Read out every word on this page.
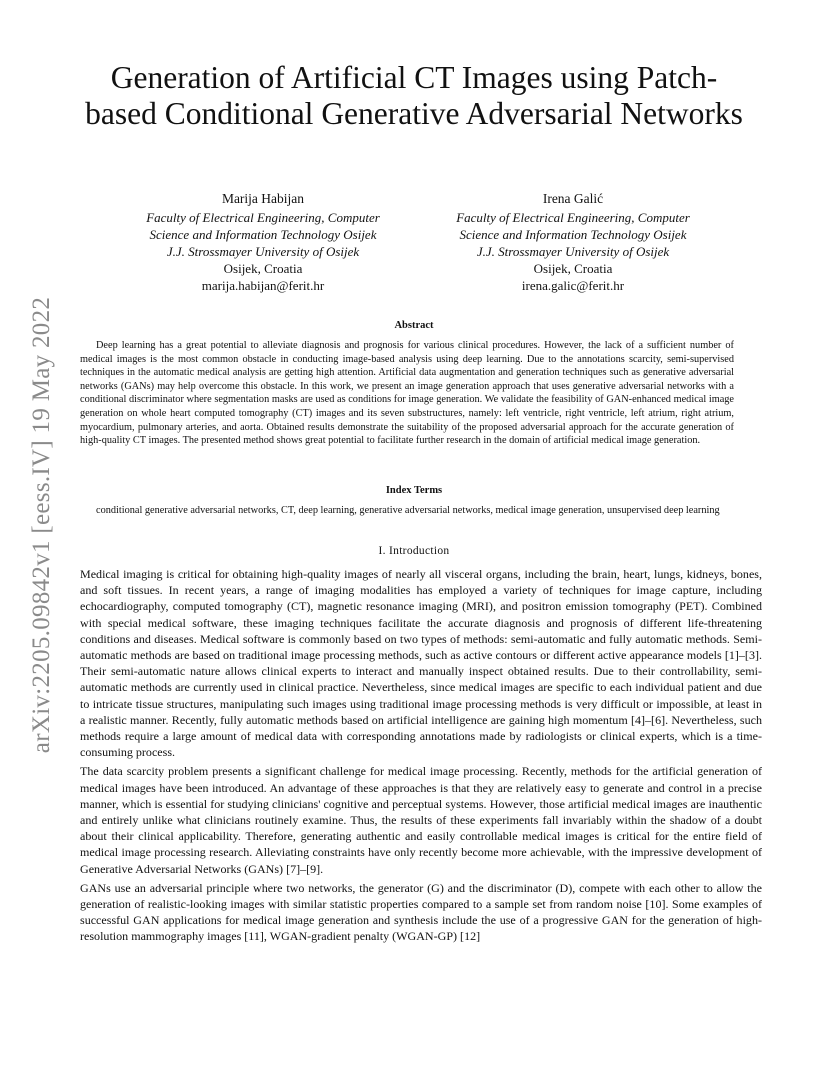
arXiv:2205.09842v1 [eess.IV] 19 May 2022
Generation of Artificial CT Images using Patch-based Conditional Generative Adversarial Networks
Marija Habijan
Faculty of Electrical Engineering, Computer
Science and Information Technology Osijek
J.J. Strossmayer University of Osijek
Osijek, Croatia
marija.habijan@ferit.hr
Irena Galić
Faculty of Electrical Engineering, Computer
Science and Information Technology Osijek
J.J. Strossmayer University of Osijek
Osijek, Croatia
irena.galic@ferit.hr
Abstract

Deep learning has a great potential to alleviate diagnosis and prognosis for various clinical procedures. However, the lack of a sufficient number of medical images is the most common obstacle in conducting image-based analysis using deep learning. Due to the annotations scarcity, semi-supervised techniques in the automatic medical analysis are getting high attention. Artificial data augmentation and generation techniques such as generative adversarial networks (GANs) may help overcome this obstacle. In this work, we present an image generation approach that uses generative adversarial networks with a conditional discriminator where segmentation masks are used as conditions for image generation. We validate the feasibility of GAN-enhanced medical image generation on whole heart computed tomography (CT) images and its seven substructures, namely: left ventricle, right ventricle, left atrium, right atrium, myocardium, pulmonary arteries, and aorta. Obtained results demonstrate the suitability of the proposed adversarial approach for the accurate generation of high-quality CT images. The presented method shows great potential to facilitate further research in the domain of artificial medical image generation.

Index Terms

conditional generative adversarial networks, CT, deep learning, generative adversarial networks, medical image generation, unsupervised deep learning

I. Introduction

Medical imaging is critical for obtaining high-quality images of nearly all visceral organs, including the brain, heart, lungs, kidneys, bones, and soft tissues. In recent years, a range of imaging modalities has employed a variety of techniques for image capture, including echocardiography, computed tomography (CT), magnetic resonance imaging (MRI), and positron emission tomography (PET). Combined with special medical software, these imaging techniques facilitate the accurate diagnosis and prognosis of different life-threatening conditions and diseases. Medical software is commonly based on two types of methods: semi-automatic and fully automatic methods. Semi-automatic methods are based on traditional image processing methods, such as active contours or different active appearance models [1]–[3]. Their semi-automatic nature allows clinical experts to interact and manually inspect obtained results. Due to their controllability, semi-automatic methods are currently used in clinical practice. Nevertheless, since medical images are specific to each individual patient and due to intricate tissue structures, manipulating such images using traditional image processing methods is very difficult or impossible, at least in a realistic manner. Recently, fully automatic methods based on artificial intelligence are gaining high momentum [4]–[6]. Nevertheless, such methods require a large amount of medical data with corresponding annotations made by radiologists or clinical experts, which is a time-consuming process.

The data scarcity problem presents a significant challenge for medical image processing. Recently, methods for the artificial generation of medical images have been introduced. An advantage of these approaches is that they are relatively easy to generate and control in a precise manner, which is essential for studying clinicians' cognitive and perceptual systems. However, those artificial medical images are inauthentic and entirely unlike what clinicians routinely examine. Thus, the results of these experiments fall invariably within the shadow of a doubt about their clinical applicability. Therefore, generating authentic and easily controllable medical images is critical for the entire field of medical image processing research. Alleviating constraints have only recently become more achievable, with the impressive development of Generative Adversarial Networks (GANs) [7]–[9].

GANs use an adversarial principle where two networks, the generator (G) and the discriminator (D), compete with each other to allow the generation of realistic-looking images with similar statistic properties compared to a sample set from random noise [10]. Some examples of successful GAN applications for medical image generation and synthesis include the use of a progressive GAN for the generation of high-resolution mammography images [11], WGAN-gradient penalty (WGAN-GP) [12]
